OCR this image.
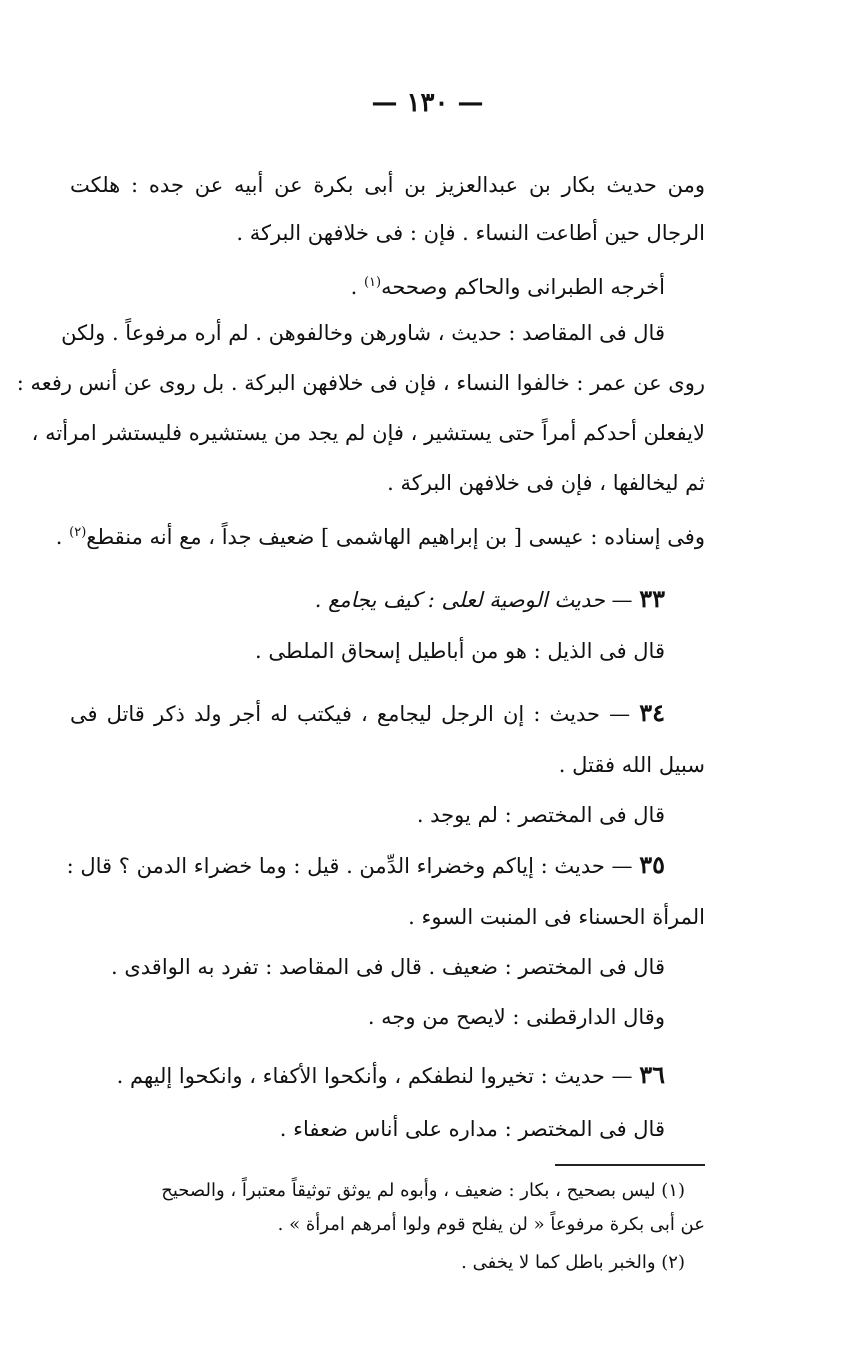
— ١٣٠ —
ومن حديث بكار بن عبدالعزيز بن أبى بكرة عن أبيه عن جده : هلكت
الرجال حين أطاعت النساء . فإن : فى خلافهن البركة .
أخرجه الطبرانى والحاكم وصححه$^{(١)}$ .
قال فى المقاصد : حديث ، شاورهن وخالفوهن . لم أره مرفوعاً . ولكن
روى عن عمر : خالفوا النساء ، فإن فى خلافهن البركة . بل روى عن أنس رفعه :
لايفعلن أحدكم أمراً حتى يستشير ، فإن لم يجد من يستشيره فليستشر امرأته ،
ثم ليخالفها ، فإن فى خلافهن البركة .
وفى إسناده : عيسى [ بن إبراهيم الهاشمى ] ضعيف جداً ، مع أنه منقطع$^{(٢)}$ .
٣٣ — حديث الوصية لعلى : كيف يجامع .
قال فى الذيل : هو من أباطيل إسحاق الملطى .
٣٤ — حديث : إن الرجل ليجامع ، فيكتب له أجر ولد ذكر قاتل فى
سبيل الله فقتل .
قال فى المختصر : لم يوجد .
٣٥ — حديث : إياكم وخضراء الدِّمن . قيل : وما خضراء الدمن ؟ قال :
المرأة الحسناء فى المنبت السوء .
قال فى المختصر : ضعيف . قال فى المقاصد : تفرد به الواقدى .
وقال الدارقطنى : لايصح من وجه .
٣٦ — حديث : تخيروا لنطفكم ، وأنكحوا الأكفاء ، وانكحوا إليهم .
قال فى المختصر : مداره على أناس ضعفاء .
(١) ليس بصحيح ، بكار : ضعيف ، وأبوه لم يوثق توثيقاً معتبراً ، والصحيح
عن أبى بكرة مرفوعاً « لن يفلح قوم ولوا أمرهم امرأة » .
(٢) والخبر باطل كما لا يخفى .
